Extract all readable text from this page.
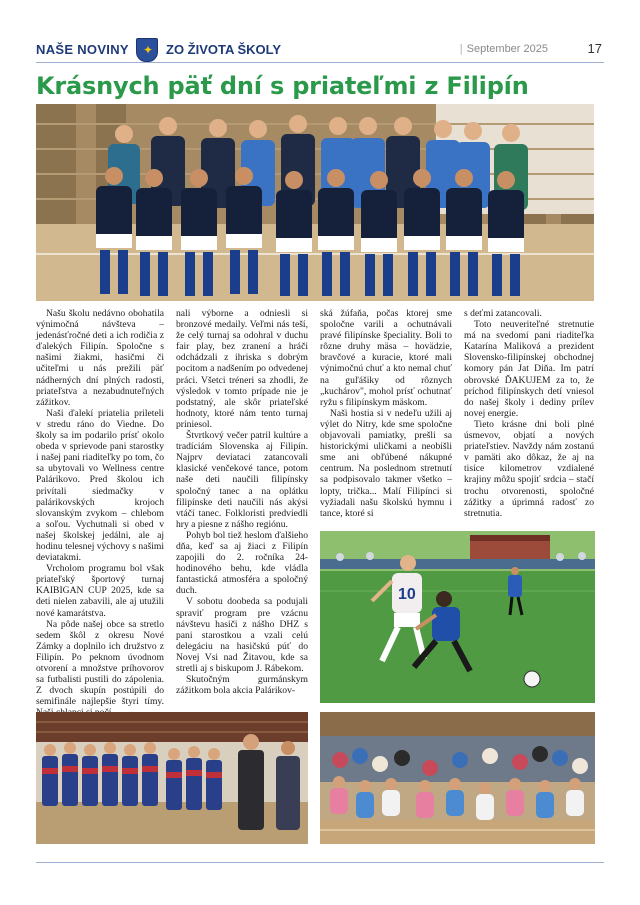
NAŠE NOVINY ✦ ZO ŽIVOTA ŠKOLY
|	September 2025	17
Krásnych päť dní s priateľmi z Filipín

Našu školu nedávno obohatila výnimočná návšteva – jedenásťročné deti a ich rodičia z ďalekých Filipín. Spoločne s našimi žiakmi, hasičmi či učiteľmi u nás prežili päť nádherných dní plných radosti, priateľstva a nezabudnuteľných zážitkov.

Naši ďalekí priatelia prileteli v stredu ráno do Viedne. Do školy sa im podarilo prísť okolo obeda v sprievode pani starostky i našej pani riaditeľky po tom, čo sa ubytovali vo Wellness centre Palárikovo. Pred školou ich privítali siedmačky v palárikovských krojoch slovanským zvykom – chlebom a soľou. Vychutnali si obed v našej školskej jedálni, ale aj hodinu telesnej výchovy s našimi deviatakmi.

Vrcholom programu bol však priateľský športový turnaj KAIBIGAN CUP 2025, kde sa deti nielen zabavili, ale aj utužili nové kamarátstva.

Na pôde našej obce sa stretlo sedem škôl z okresu Nové Zámky a doplnilo ich družstvo z Filipín. Po peknom úvodnom otvorení a množstve príhovorov sa futbalisti pustili do zápolenia. Z dvoch skupín postúpili do semifinále najlepšie štyri tímy.

nali výborne a odniesli si bronzové medaily. Veľmi nás teší, že celý turnaj sa odohral v duchu fair play, bez zranení a hráči odchádzali z ihriska s dobrým pocitom a nadšením po odvedenej práci. Všetci tréneri sa zhodli, že výsledok v tomto prípade nie je podstatný, ale skôr priateľské hodnoty, ktoré nám tento turnaj priniesol.

Štvrtkový večer patril kultúre a tradíciám Slovenska aj Filipín. Najprv deviataci zatancovali klasické venčekové tance, potom naše deti naučili filipínsky spoločný tanec a na oplátku filipínske deti naučili nás akýsi vtáčí tanec. Folkloristi predviedli hry a piesne z nášho regiónu.

Pohyb bol tiež heslom ďalšieho dňa, keď sa aj žiaci z Filipín zapojili do 2. ročníka 24-hodinového behu, kde vládla fantastická atmosféra a spoločný duch.

V sobotu doobeda sa podujali spraviť program pre vzácnu návštevu hasiči z nášho DHZ s pani starostkou a vzali celú delegáciu na hasičskú púť do Novej Vsi nad Žitavou, kde sa stretli aj s biskupom J. Rábekom.

Skutočným gurmánskym zážitkom bola akcia Palárikov-

ská žúfaňa, počas ktorej sme spoločne varili a ochutnávali pravé filipínske špeciality. Boli to rôzne druhy mäsa – hovädzie, bravčové a kuracie, ktoré mali výnimočnú chuť a kto nemal chuť na guľášiky od rôznych „kuchárov", mohol prísť ochutnať ryžu s filipínskym mäskom.

Naši hostia si v nedeľu užili aj výlet do Nitry, kde sme spoločne objavovali pamiatky, prešli sa historickými uličkami a neobišli sme ani obľúbené nákupné centrum. Na poslednom stretnutí sa podpisovalo takmer všetko – lopty, trička... Malí Filipínci si vyžiadali našu školskú hymnu i tance, ktoré si

s deťmi zatancovali.

Toto neuveriteľné stretnutie má na svedomí pani riaditeľka Katarína Maliková a prezident Slovensko-filipínskej obchodnej komory pán Jat Diňa. Im patrí obrovské ĎAKUJEM za to, že príchod filipínskych detí vniesol do našej školy i dediny prílev novej energie.

Tieto krásne dni boli plné úsmevov, objatí a nových priateľstiev. Navždy nám zostanú v pamäti ako dôkaz, že aj na tisíce kilometrov vzdialené krajiny môžu spojiť srdcia – stačí trochu otvorenosti, spoločné zážitky a úprimná radosť zo stretnutia.

10
